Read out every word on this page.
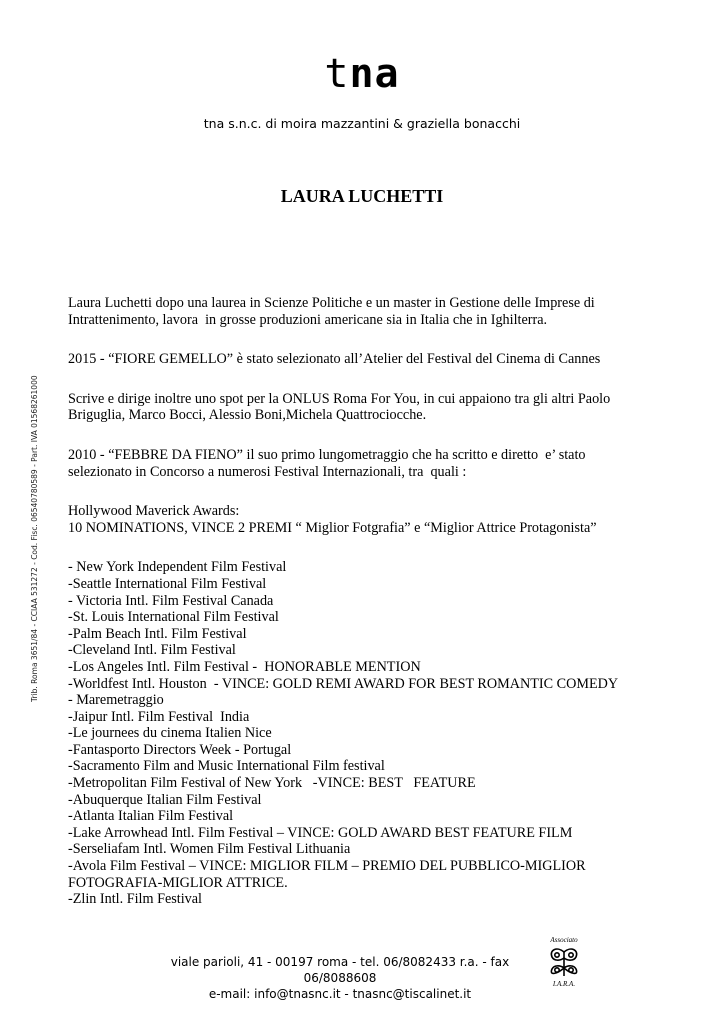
tna
tna s.n.c. di moira mazzantini & graziella bonacchi
LAURA LUCHETTI
Trib. Roma 3651/84 - CCIAA 531272 - Cod. Fisc. 06540780589 - Part. IVA 01568261000

Laura Luchetti dopo una laurea in Scienze Politiche e un master in Gestione delle Imprese di

Intrattenimento, lavora  in grosse produzioni americane sia in Italia che in Ighilterra.

2015 - “FIORE GEMELLO” è stato selezionato all’Atelier del Festival del Cinema di Cannes

Scrive e dirige inoltre uno spot per la ONLUS Roma For You, in cui appaiono tra gli altri Paolo

Briguglia, Marco Bocci, Alessio Boni,Michela Quattrociocche.

2010 - “FEBBRE DA FIENO” il suo primo lungometraggio che ha scritto e diretto  e’ stato

selezionato in Concorso a numerosi Festival Internazionali, tra  quali :

Hollywood Maverick Awards:

10 NOMINATIONS, VINCE 2 PREMI “ Miglior Fotgrafia” e “Miglior Attrice Protagonista”

- New York Independent Film Festival

-Seattle International Film Festival

- Victoria Intl. Film Festival Canada

-St. Louis International Film Festival

-Palm Beach Intl. Film Festival

-Cleveland Intl. Film Festival

-Los Angeles Intl. Film Festival -  HONORABLE MENTION

-Worldfest Intl. Houston  - VINCE: GOLD REMI AWARD FOR BEST ROMANTIC COMEDY

- Maremetraggio

-Jaipur Intl. Film Festival  India

-Le journees du cinema Italien Nice

-Fantasporto Directors Week - Portugal

-Sacramento Film and Music International Film festival

-Metropolitan Film Festival of New York   -VINCE: BEST   FEATURE

-Abuquerque Italian Film Festival

-Atlanta Italian Film Festival

-Lake Arrowhead Intl. Film Festival – VINCE: GOLD AWARD BEST FEATURE FILM

-Serseliafam Intl. Women Film Festival Lithuania

-Avola Film Festival – VINCE: MIGLIOR FILM – PREMIO DEL PUBBLICO-MIGLIOR

FOTOGRAFIA-MIGLIOR ATTRICE.

-Zlin Intl. Film Festival

viale parioli, 41 - 00197 roma - tel. 06/8082433 r.a. - fax 06/8088608
e-mail: info@tnasnc.it - tnasnc@tiscalinet.it
Associato
I.A.R.A.
